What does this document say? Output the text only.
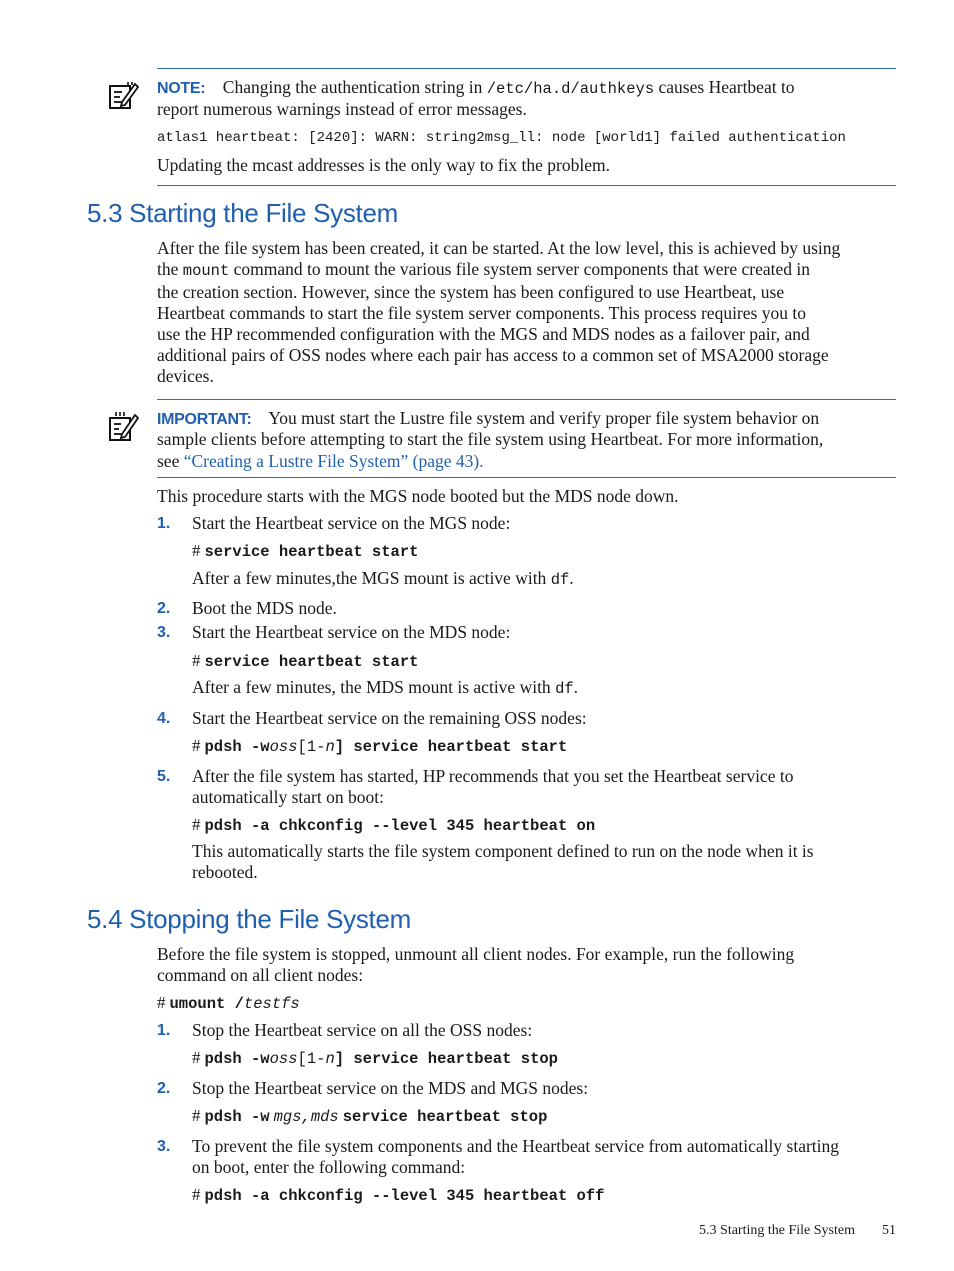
NOTE: Changing the authentication string in /etc/ha.d/authkeys causes Heartbeat to
report numerous warnings instead of error messages.
atlas1 heartbeat: [2420]: WARN: string2msg_ll: node [world1] failed authentication
Updating the mcast addresses is the only way to fix the problem.
5.3 Starting the File System

After the file system has been created, it can be started. At the low level, this is achieved by using

the mount command to mount the various file system server components that were created in

the creation section. However, since the system has been configured to use Heartbeat, use

Heartbeat commands to start the file system server components. This process requires you to

use the HP recommended configuration with the MGS and MDS nodes as a failover pair, and

additional pairs of OSS nodes where each pair has access to a common set of MSA2000 storage

devices.

IMPORTANT: You must start the Lustre file system and verify proper file system behavior on
sample clients before attempting to start the file system using Heartbeat. For more information,
see “Creating a Lustre File System” (page 43).
This procedure starts with the MGS node booted but the MDS node down.
1. Start the Heartbeat service on the MGS node:
# service heartbeat start
After a few minutes,the MGS mount is active with df.
2. Boot the MDS node.
3. Start the Heartbeat service on the MDS node:
# service heartbeat start
After a few minutes, the MDS mount is active with df.
4. Start the Heartbeat service on the remaining OSS nodes:
# pdsh -woss[1-n] service heartbeat start
5. After the file system has started, HP recommends that you set the Heartbeat service to

automatically start on boot:

# pdsh -a chkconfig --level 345 heartbeat on

This automatically starts the file system component defined to run on the node when it is

rebooted.

5.4 Stopping the File System

Before the file system is stopped, unmount all client nodes. For example, run the following

command on all client nodes:

# umount /testfs
1. Stop the Heartbeat service on all the OSS nodes:
# pdsh -woss[1-n] service heartbeat stop
2. Stop the Heartbeat service on the MDS and MGS nodes:
# pdsh -w mgs,mds service heartbeat stop
3. To prevent the file system components and the Heartbeat service from automatically starting

on boot, enter the following command:

# pdsh -a chkconfig --level 345 heartbeat off
5.3 Starting the File System 51
